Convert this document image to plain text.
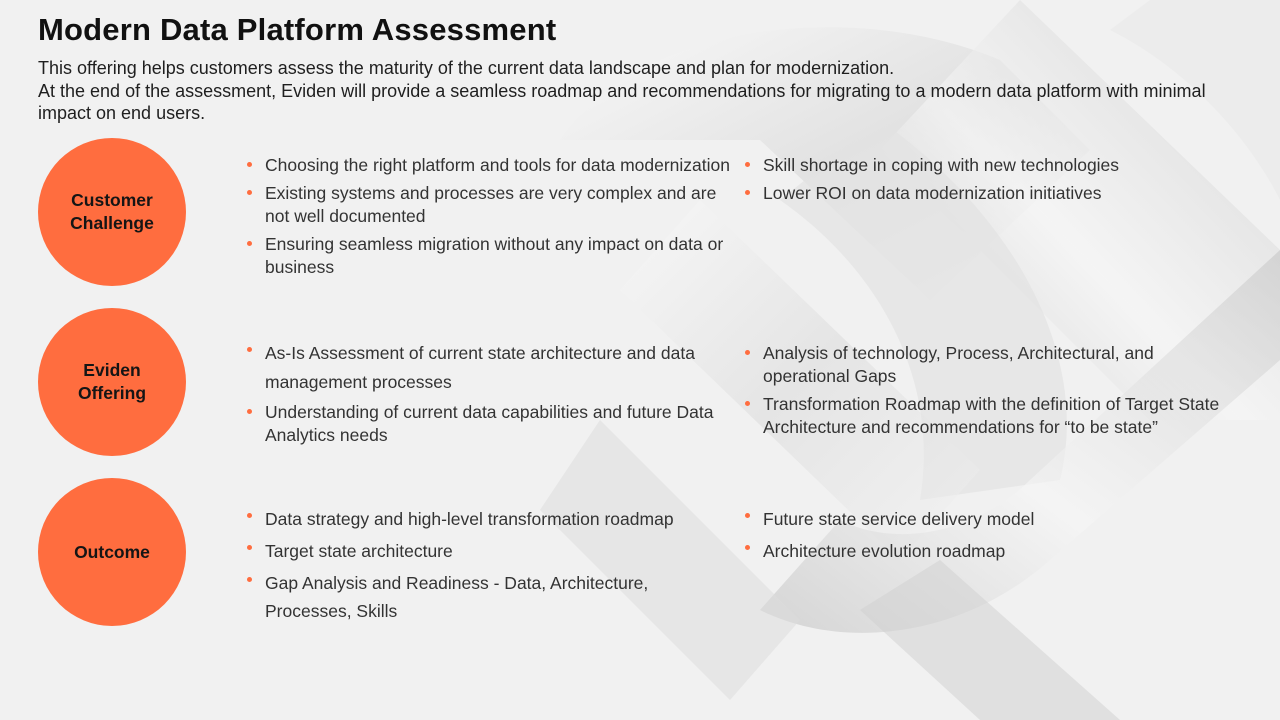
Modern Data Platform Assessment
This offering helps customers assess the maturity of the current data landscape and plan for modernization.
At the end of the assessment, Eviden will provide a seamless roadmap and recommendations for migrating to a modern data platform with minimal impact on end users.
Customer
Challenge
Choosing the right platform and tools for data modernization
Existing systems and processes are very complex and are not well documented
Ensuring seamless migration without any impact on data or business
Skill shortage in coping with new technologies
Lower ROI on data modernization initiatives
Eviden
Offering
As-Is Assessment of current state architecture and data management processes
Understanding of current data capabilities and future Data Analytics needs
Analysis of technology, Process, Architectural, and operational Gaps
Transformation Roadmap with the definition of Target State Architecture and recommendations for “to be state”
Outcome
Data strategy and high-level transformation roadmap
Target state architecture
Gap Analysis and Readiness - Data, Architecture, Processes, Skills
Future state service delivery model
Architecture evolution roadmap
